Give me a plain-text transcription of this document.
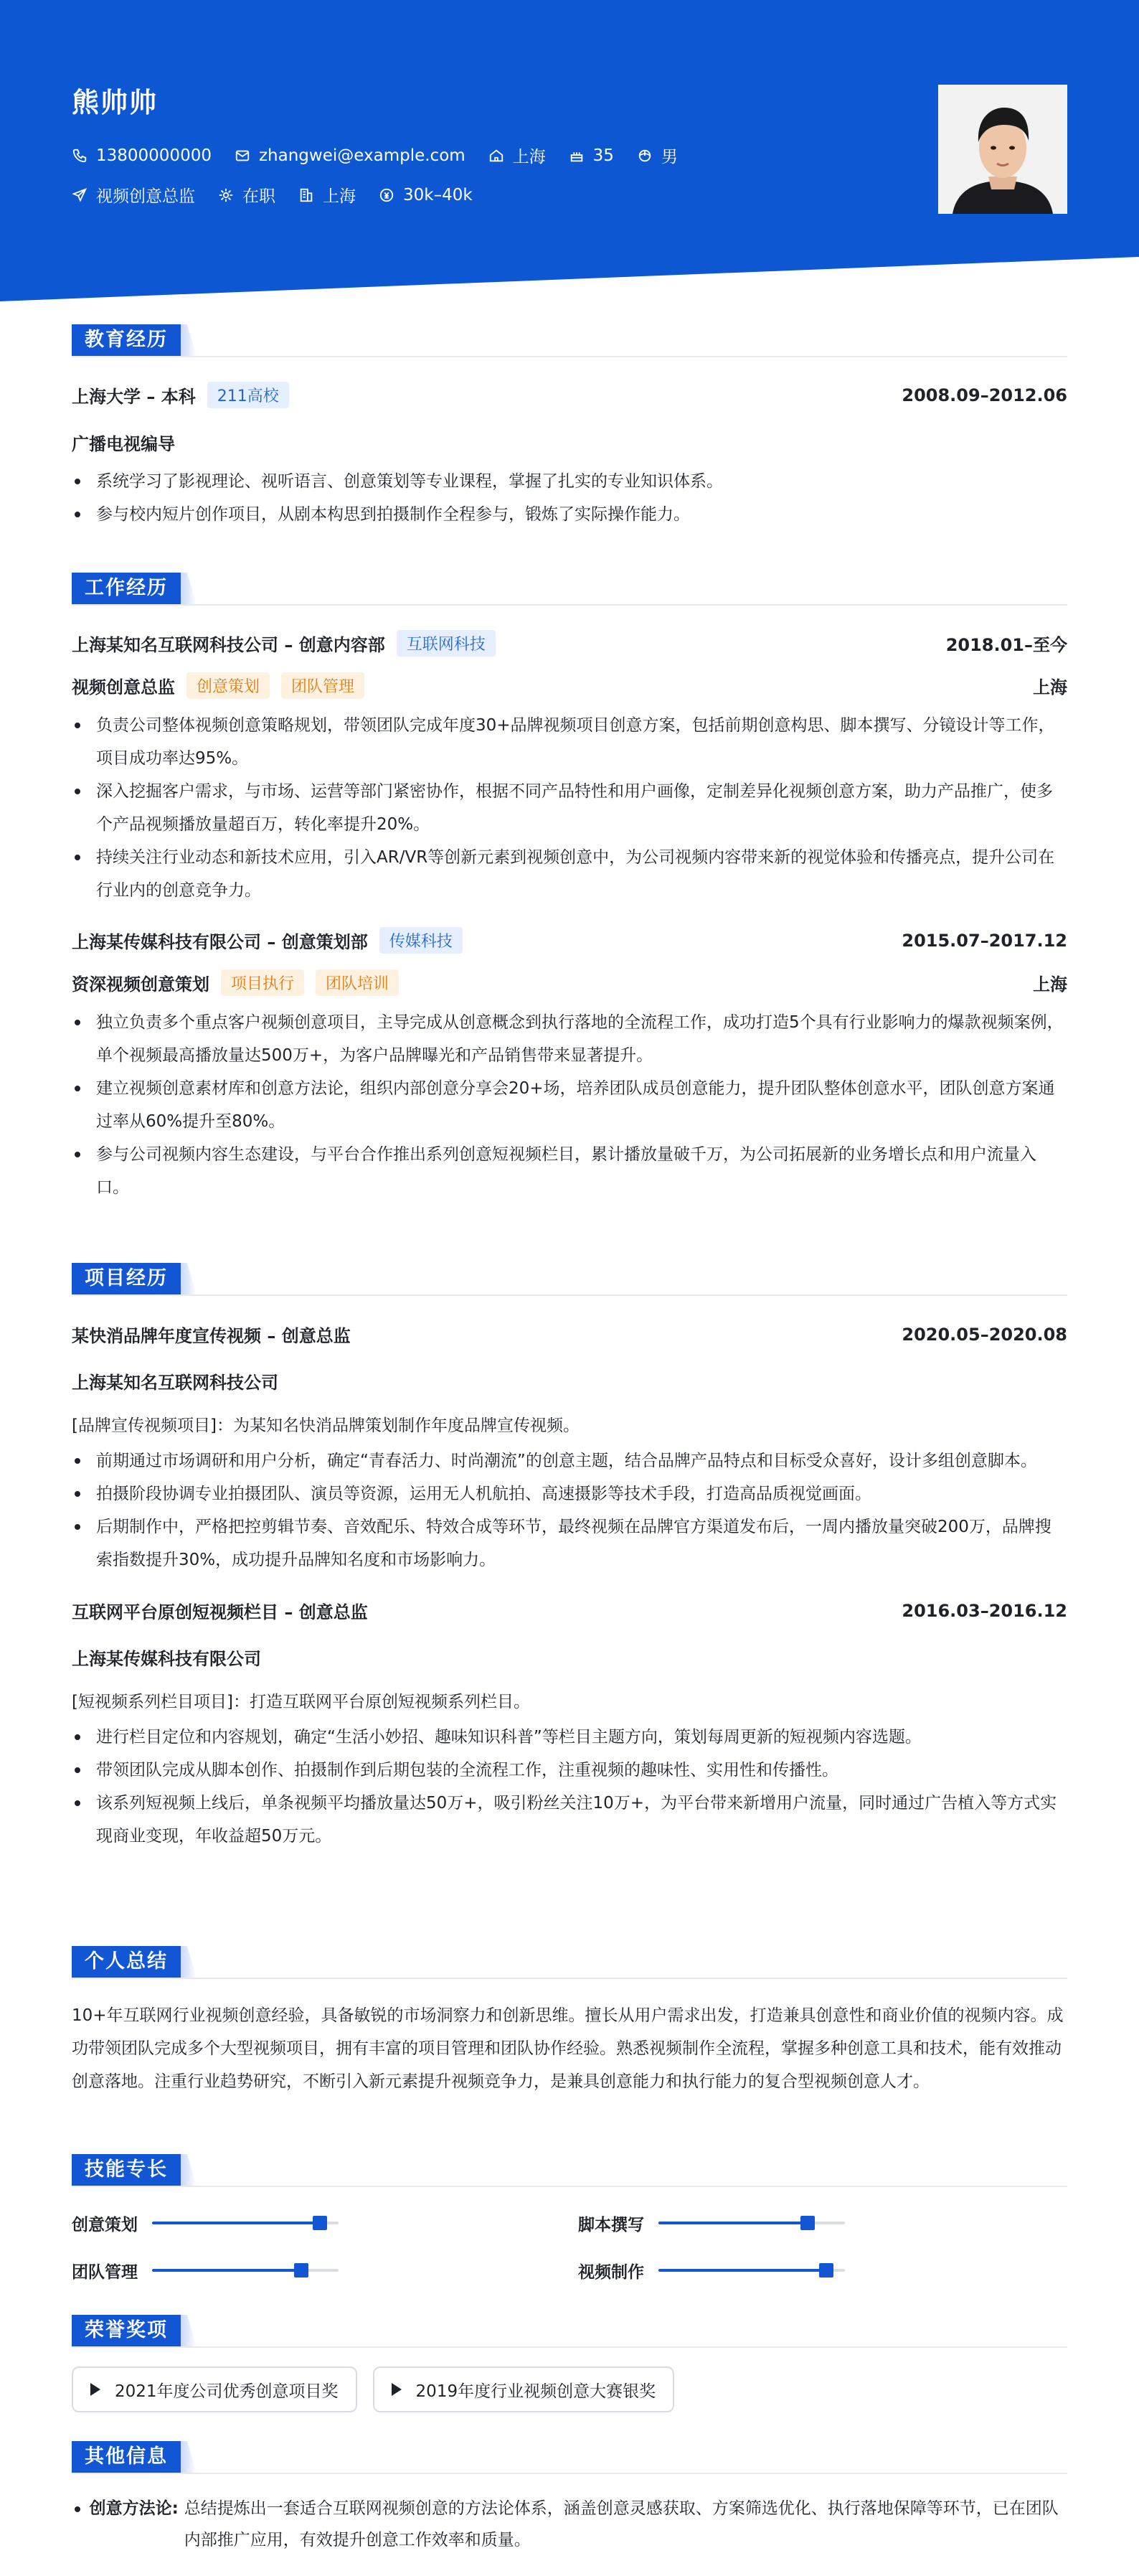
熊帅帅
13800000000	zhangwei@example.com	上海	35	男
视频创意总监	在职	上海	30k–40k
教育经历
上海大学 – 本科	211高校	2008.09–2012.06
广播电视编导
系统学习了影视理论、视听语言、创意策划等专业课程，掌握了扎实的专业知识体系。
参与校内短片创作项目，从剧本构思到拍摄制作全程参与，锻炼了实际操作能力。
工作经历
上海某知名互联网科技公司 – 创意内容部	互联网科技	2018.01–至今
视频创意总监	创意策划	团队管理	上海
负责公司整体视频创意策略规划，带领团队完成年度30+品牌视频项目创意方案，包括前期创意构思、脚本撰写、分镜设计等工作，项目成功率达95%。
深入挖掘客户需求，与市场、运营等部门紧密协作，根据不同产品特性和用户画像，定制差异化视频创意方案，助力产品推广，使多个产品视频播放量超百万，转化率提升20%。
持续关注行业动态和新技术应用，引入AR/VR等创新元素到视频创意中，为公司视频内容带来新的视觉体验和传播亮点，提升公司在行业内的创意竞争力。
上海某传媒科技有限公司 – 创意策划部	传媒科技	2015.07–2017.12
资深视频创意策划	项目执行	团队培训	上海
独立负责多个重点客户视频创意项目，主导完成从创意概念到执行落地的全流程工作，成功打造5个具有行业影响力的爆款视频案例，单个视频最高播放量达500万+，为客户品牌曝光和产品销售带来显著提升。
建立视频创意素材库和创意方法论，组织内部创意分享会20+场，培养团队成员创意能力，提升团队整体创意水平，团队创意方案通过率从60%提升至80%。
参与公司视频内容生态建设，与平台合作推出系列创意短视频栏目，累计播放量破千万，为公司拓展新的业务增长点和用户流量入口。
项目经历
某快消品牌年度宣传视频 – 创意总监	2020.05–2020.08
上海某知名互联网科技公司
[品牌宣传视频项目]：为某知名快消品牌策划制作年度品牌宣传视频。
前期通过市场调研和用户分析，确定“青春活力、时尚潮流”的创意主题，结合品牌产品特点和目标受众喜好，设计多组创意脚本。
拍摄阶段协调专业拍摄团队、演员等资源，运用无人机航拍、高速摄影等技术手段，打造高品质视觉画面。
后期制作中，严格把控剪辑节奏、音效配乐、特效合成等环节，最终视频在品牌官方渠道发布后，一周内播放量突破200万，品牌搜索指数提升30%，成功提升品牌知名度和市场影响力。
互联网平台原创短视频栏目 – 创意总监	2016.03–2016.12
上海某传媒科技有限公司
[短视频系列栏目项目]：打造互联网平台原创短视频系列栏目。
进行栏目定位和内容规划，确定“生活小妙招、趣味知识科普”等栏目主题方向，策划每周更新的短视频内容选题。
带领团队完成从脚本创作、拍摄制作到后期包装的全流程工作，注重视频的趣味性、实用性和传播性。
该系列短视频上线后，单条视频平均播放量达50万+，吸引粉丝关注10万+，为平台带来新增用户流量，同时通过广告植入等方式实现商业变现，年收益超50万元。
个人总结
10+年互联网行业视频创意经验，具备敏锐的市场洞察力和创新思维。擅长从用户需求出发，打造兼具创意性和商业价值的视频内容。成功带领团队完成多个大型视频项目，拥有丰富的项目管理和团队协作经验。熟悉视频制作全流程，掌握多种创意工具和技术，能有效推动创意落地。注重行业趋势研究，不断引入新元素提升视频竞争力，是兼具创意能力和执行能力的复合型视频创意人才。
技能专长
创意策划	脚本撰写
团队管理	视频制作
荣誉奖项
2021年度公司优秀创意项目奖	2019年度行业视频创意大赛银奖
其他信息
创意方法论: 总结提炼出一套适合互联网视频创意的方法论体系，涵盖创意灵感获取、方案筛选优化、执行落地保障等环节，已在团队内部推广应用，有效提升创意工作效率和质量。
